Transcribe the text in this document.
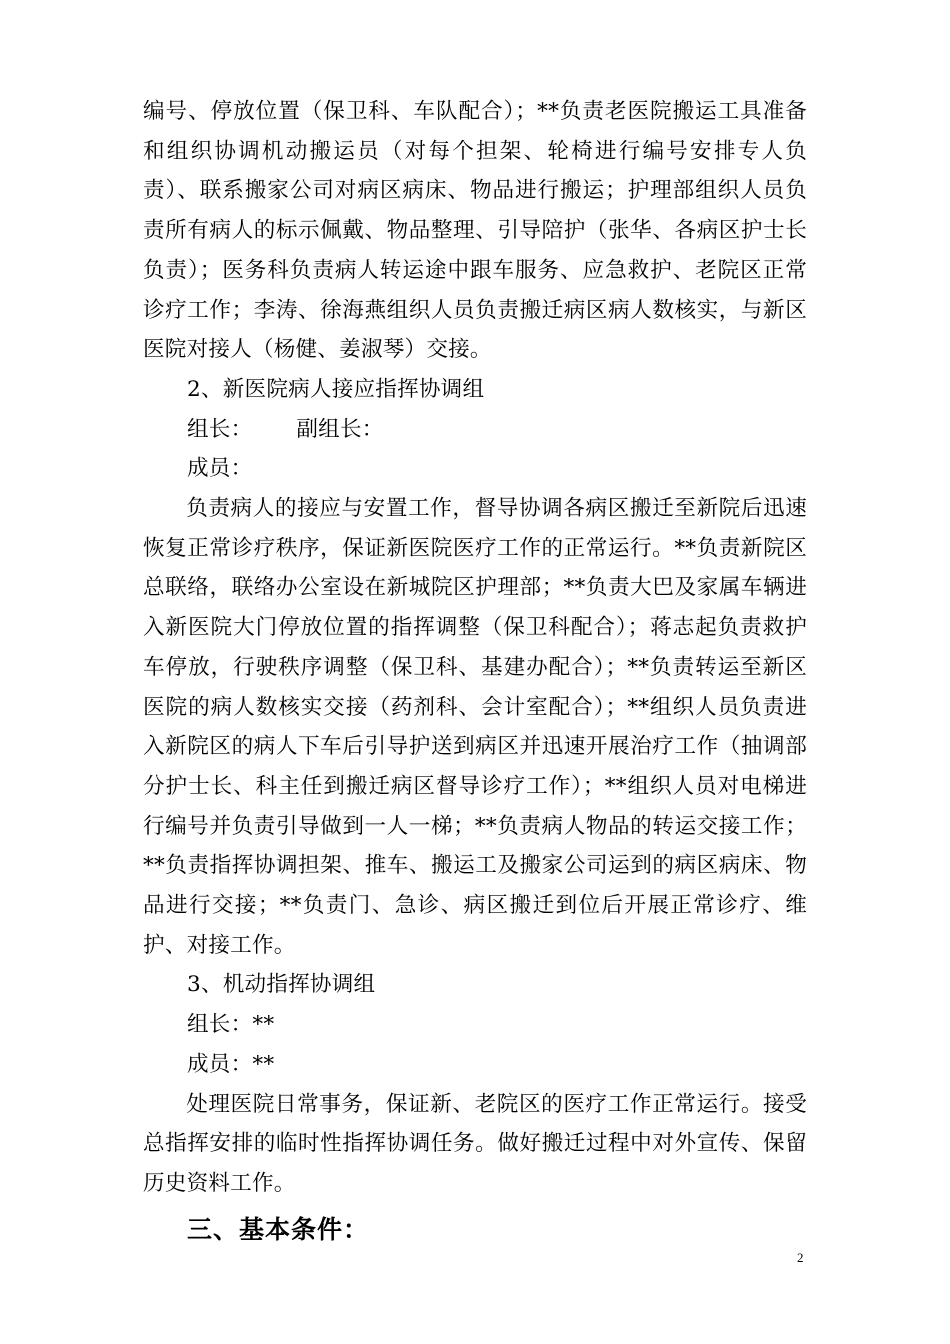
编号、停放位置（保卫科、车队配合）；**负责老医院搬运工具准备和组织协调机动搬运员（对每个担架、轮椅进行编号安排专人负责）、联系搬家公司对病区病床、物品进行搬运；护理部组织人员负责所有病人的标示佩戴、物品整理、引导陪护（张华、各病区护士长负责）；医务科负责病人转运途中跟车服务、应急救护、老院区正常诊疗工作；李涛、徐海燕组织人员负责搬迁病区病人数核实，与新区医院对接人（杨健、姜淑琴）交接。

2、新医院病人接应指挥协调组

组长： 副组长：

成员：

负责病人的接应与安置工作，督导协调各病区搬迁至新院后迅速恢复正常诊疗秩序，保证新医院医疗工作的正常运行。**负责新院区总联络，联络办公室设在新城院区护理部；**负责大巴及家属车辆进入新医院大门停放位置的指挥调整（保卫科配合）；蒋志起负责救护车停放，行驶秩序调整（保卫科、基建办配合）；**负责转运至新区医院的病人数核实交接（药剂科、会计室配合）；**组织人员负责进入新院区的病人下车后引导护送到病区并迅速开展治疗工作（抽调部分护士长、科主任到搬迁病区督导诊疗工作）；**组织人员对电梯进行编号并负责引导做到一人一梯；**负责病人物品的转运交接工作；**负责指挥协调担架、推车、搬运工及搬家公司运到的病区病床、物品进行交接；**负责门、急诊、病区搬迁到位后开展正常诊疗、维护、对接工作。

3、机动指挥协调组

组长：**

成员：**

处理医院日常事务，保证新、老院区的医疗工作正常运行。接受总指挥安排的临时性指挥协调任务。做好搬迁过程中对外宣传、保留历史资料工作。

三、基本条件：
2
